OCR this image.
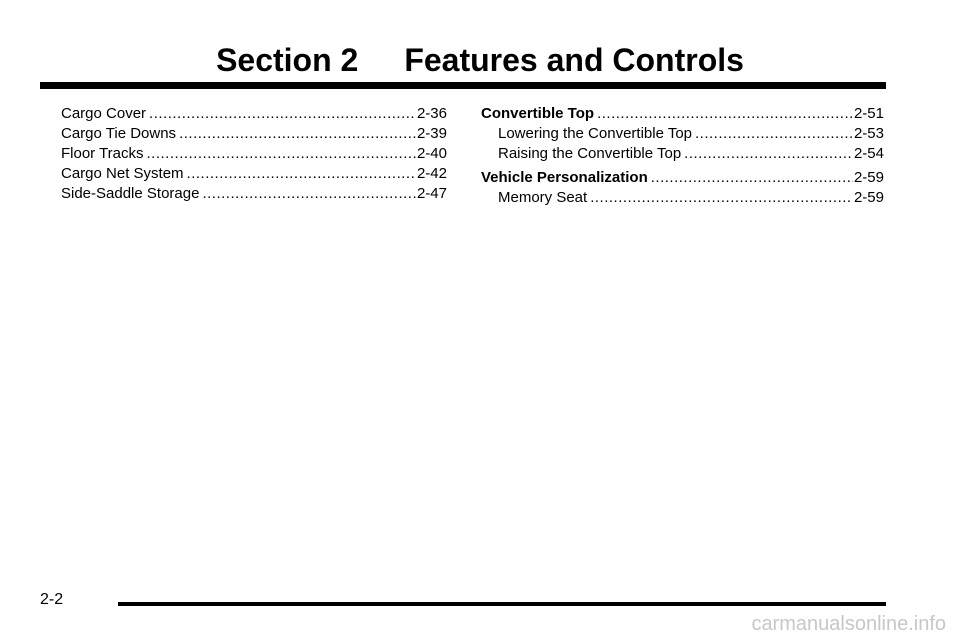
Section 2 Features and Controls
Cargo Cover .....	2-36
Cargo Tie Downs .....	2-39
Floor Tracks .....	2-40
Cargo Net System .....	2-42
Side-Saddle Storage .....	2-47
Convertible Top .....	2-51
Lowering the Convertible Top .....	2-53
Raising the Convertible Top .....	2-54
Vehicle Personalization .....	2-59
Memory Seat .....	2-59
2-2
carmanualsonline.info
